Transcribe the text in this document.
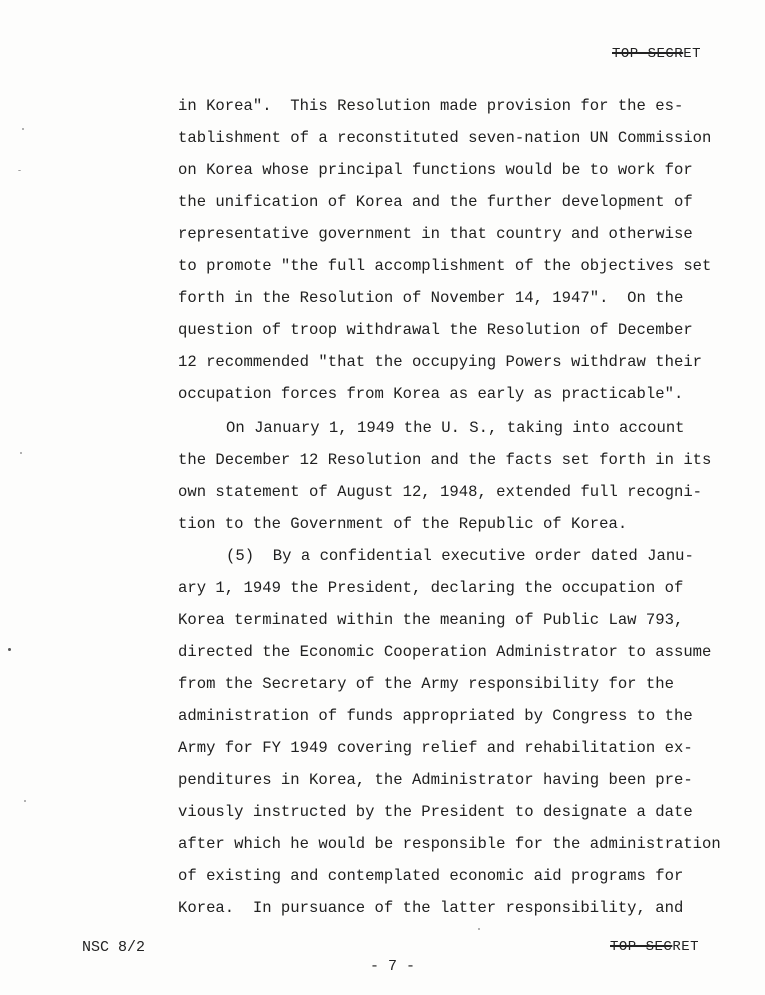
TOP SECRET
in Korea".  This Resolution made provision for the es-
tablishment of a reconstituted seven-nation UN Commission
on Korea whose principal functions would be to work for
the unification of Korea and the further development of
representative government in that country and otherwise
to promote "the full accomplishment of the objectives set
forth in the Resolution of November 14, 1947".  On the
question of troop withdrawal the Resolution of December
12 recommended "that the occupying Powers withdraw their
occupation forces from Korea as early as practicable".
On January 1, 1949 the U. S., taking into account
the December 12 Resolution and the facts set forth in its
own statement of August 12, 1948, extended full recogni-
tion to the Government of the Republic of Korea.
(5)  By a confidential executive order dated Janu-
ary 1, 1949 the President, declaring the occupation of
Korea terminated within the meaning of Public Law 793,
directed the Economic Cooperation Administrator to assume
from the Secretary of the Army responsibility for the
administration of funds appropriated by Congress to the
Army for FY 1949 covering relief and rehabilitation ex-
penditures in Korea, the Administrator having been pre-
viously instructed by the President to designate a date
after which he would be responsible for the administration
of existing and contemplated economic aid programs for
Korea.  In pursuance of the latter responsibility, and
NSC 8/2
- 7 -
TOP SECRET
